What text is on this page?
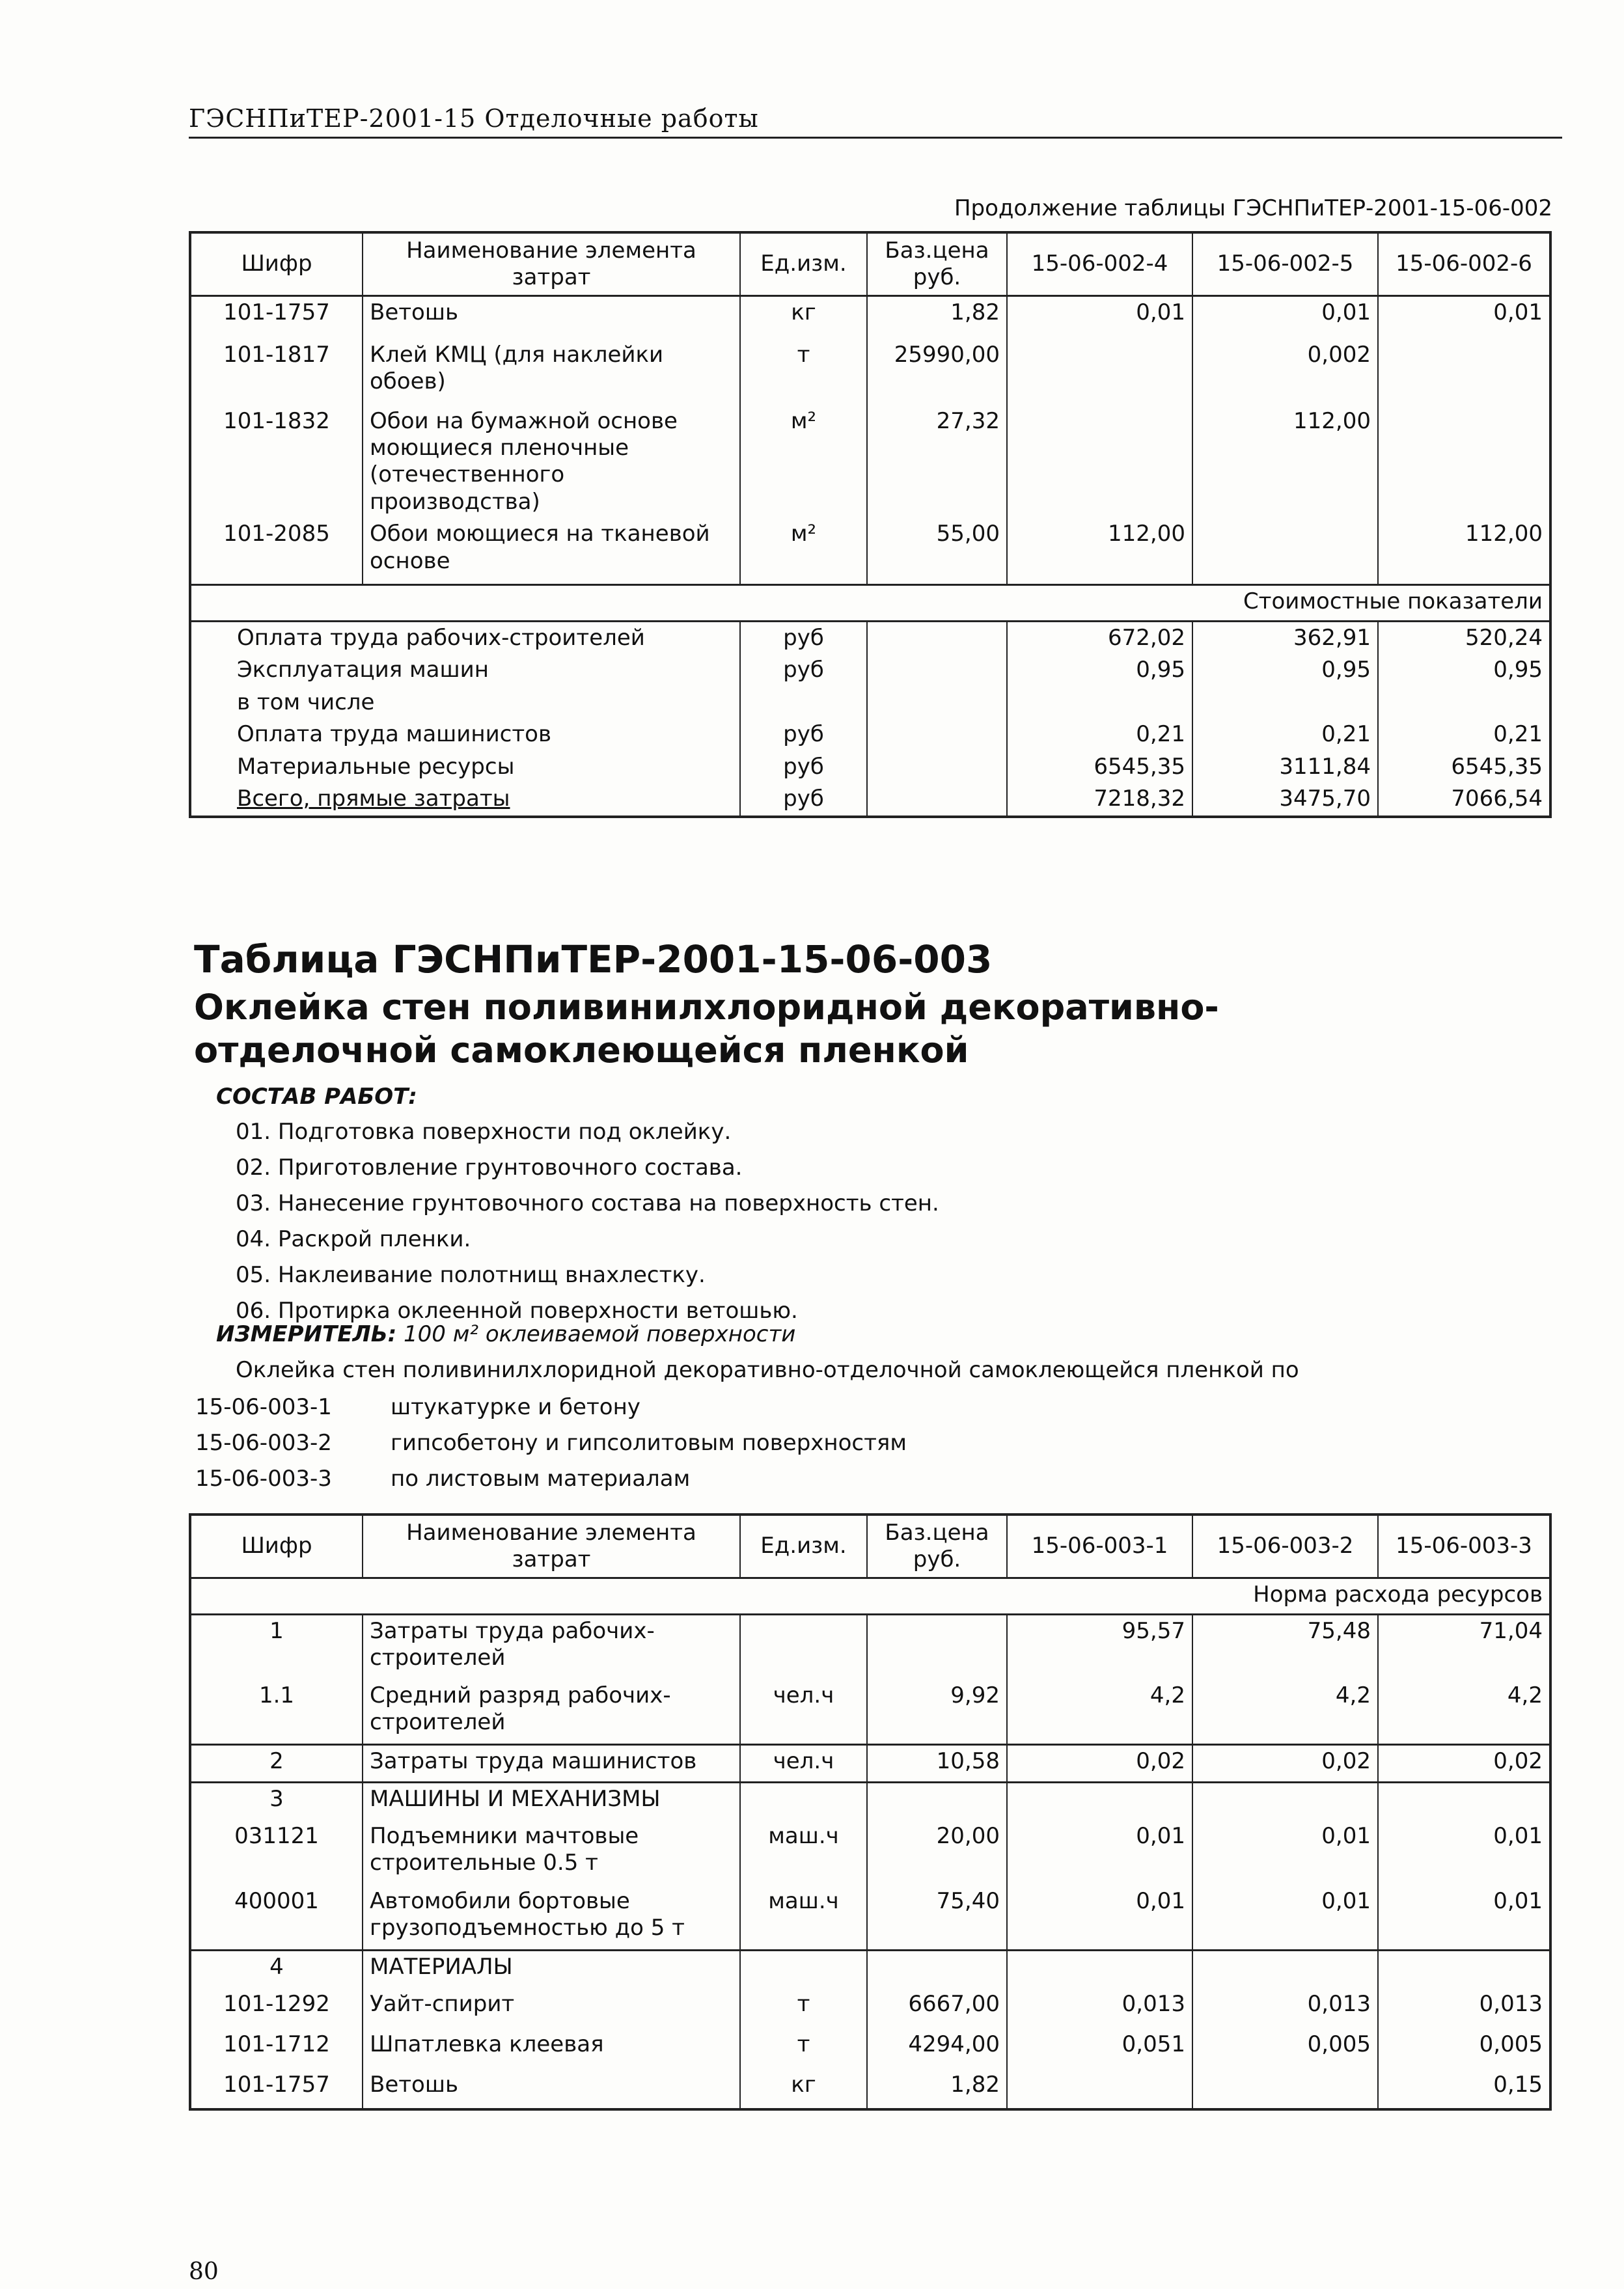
ГЭСНПиТЕР-2001-15 Отделочные работы
Продолжение таблицы ГЭСНПиТЕР-2001-15-06-002
Шифр	Наименование элемента затрат	Ед.изм.	Баз.цена руб.	15-06-002-4	15-06-002-5	15-06-002-6
101-1757	Ветошь	кг	1,82	0,01	0,01	0,01
101-1817	Клей КМЦ (для наклейки обоев)	т	25990,00		0,002	
101-1832	Обои на бумажной основе моющиеся пленочные (отечественного производства)	м²	27,32		112,00	
101-2085	Обои моющиеся на тканевой основе	м²	55,00	112,00		112,00
Стоимостные показатели						
Оплата труда рабочих-строителей		руб		672,02	362,91	520,24
Эксплуатация машин		руб		0,95	0,95	0,95
в том числе						
Оплата труда машинистов		руб		0,21	0,21	0,21
Материальные ресурсы		руб		6545,35	3111,84	6545,35
Всего, прямые затраты		руб		7218,32	3475,70	7066,54
Таблица ГЭСНПиТЕР-2001-15-06-003
Оклейка стен поливинилхлоридной декоративно- отделочной самоклеющейся пленкой
СОСТАВ РАБОТ:
01. Подготовка поверхности под оклейку.
02. Приготовление грунтовочного состава.
03. Нанесение грунтовочного состава на поверхность стен.
04. Раскрой пленки.
05. Наклеивание полотнищ внахлестку.
06. Протирка оклеенной поверхности ветошью.
ИЗМЕРИТЕЛЬ: 100 м² оклеиваемой поверхности
Оклейка стен поливинилхлоридной декоративно-отделочной самоклеющейся пленкой по
15-06-003-1	штукатурке и бетону
15-06-003-2	гипсобетону и гипсолитовым поверхностям
15-06-003-3	по листовым материалам
Шифр	Наименование элемента затрат	Ед.изм.	Баз.цена руб.	15-06-003-1	15-06-003-2	15-06-003-3
Норма расхода ресурсов						
1	Затраты труда рабочих-строителей			95,57	75,48	71,04
1.1	Средний разряд рабочих-строителей	чел.ч	9,92	4,2	4,2	4,2
2	Затраты труда машинистов	чел.ч	10,58	0,02	0,02	0,02
3	МАШИНЫ И МЕХАНИЗМЫ					
031121	Подъемники мачтовые строительные 0.5 т	маш.ч	20,00	0,01	0,01	0,01
400001	Автомобили бортовые грузоподъемностью до 5 т	маш.ч	75,40	0,01	0,01	0,01
4	МАТЕРИАЛЫ					
101-1292	Уайт-спирит	т	6667,00	0,013	0,013	0,013
101-1712	Шпатлевка клеевая	т	4294,00	0,051	0,005	0,005
101-1757	Ветошь	кг	1,82			0,15
80
